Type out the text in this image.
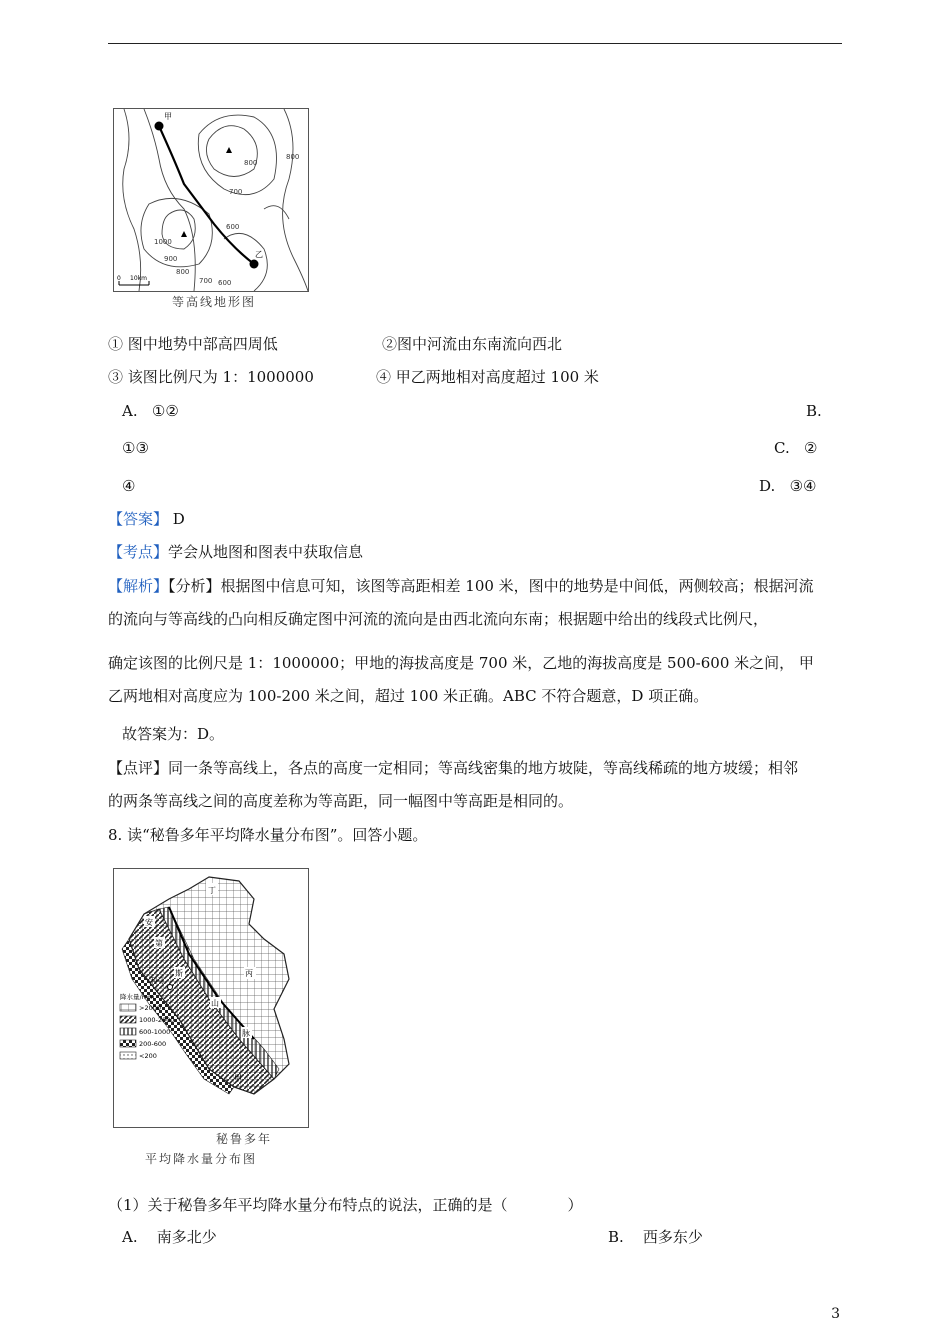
甲
乙
800
800
700
600
1000
900
800
700 600
0 10km
等高线地形图
① 图中地势中部高四周低	②图中河流由东南流向西北
③ 该图比例尺为 1：1000000	④ 甲乙两地相对高度超过 100 米
A. ①②	B.
①③	C. ②
④	D. ③④
【答案】 D
【考点】学会从地图和图表中获取信息
【解析】【分析】根据图中信息可知，该图等高距相差 100 米，图中的地势是中间低，两侧较高；根据河流
的流向与等高线的凸向相反确定图中河流的流向是由西北流向东南；根据题中给出的线段式比例尺，
确定该图的比例尺是 1：1000000；甲地的海拔高度是 700 米，乙地的海拔高度是 500-600 米之间， 甲
乙两地相对高度应为 100-200 米之间，超过 100 米正确。ABC 不符合题意，D 项正确。
故答案为：D。
【点评】同一条等高线上，各点的高度一定相同；等高线密集的地方坡陡，等高线稀疏的地方坡缓；相邻
的两条等高线之间的高度差称为等高距，同一幅图中等高距是相同的。
8. 读“秘鲁多年平均降水量分布图”。回答小题。
丁
安
第
斯
山
脉
丙
甲
利马
降水量/mm
>2000
1000-2000
600-1000
200-600
<200
秘鲁多年
平均降水量分布图
（1）关于秘鲁多年平均降水量分布特点的说法，正确的是（　　　　）
A. 南多北少	B. 西多东少
3
